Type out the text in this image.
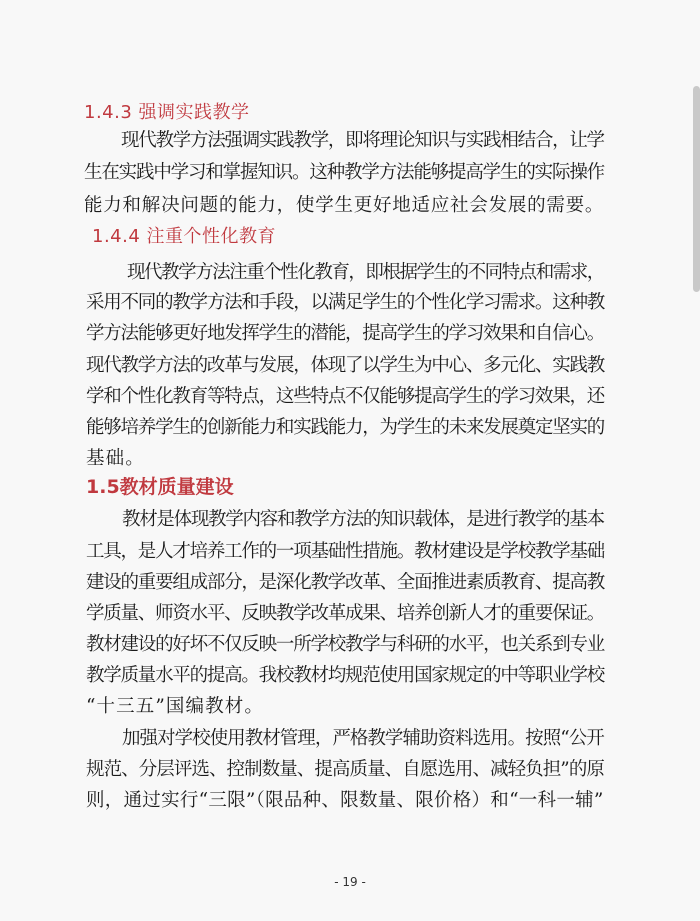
1.4.3 强调实践教学
现代教学方法强调实践教学，即将理论知识与实践相结合，让学
生在实践中学习和掌握知识。这种教学方法能够提高学生的实际操作
能力和解决问题的能力，使学生更好地适应社会发展的需要。
1.4.4 注重个性化教育
现代教学方法注重个性化教育，即根据学生的不同特点和需求，
采用不同的教学方法和手段，以满足学生的个性化学习需求。这种教
学方法能够更好地发挥学生的潜能，提高学生的学习效果和自信心。
现代教学方法的改革与发展，体现了以学生为中心、多元化、实践教
学和个性化教育等特点，这些特点不仅能够提高学生的学习效果，还
能够培养学生的创新能力和实践能力，为学生的未来发展奠定坚实的
基础。
1.5教材质量建设
教材是体现教学内容和教学方法的知识载体，是进行教学的基本
工具，是人才培养工作的一项基础性措施。教材建设是学校教学基础
建设的重要组成部分，是深化教学改革、全面推进素质教育、提高教
学质量、师资水平、反映教学改革成果、培养创新人才的重要保证。
教材建设的好坏不仅反映一所学校教学与科研的水平，也关系到专业
教学质量水平的提高。我校教材均规范使用国家规定的中等职业学校
“十三五”国编教材。
加强对学校使用教材管理，严格教学辅助资料选用。按照“公开
规范、分层评选、控制数量、提高质量、自愿选用、减轻负担”的原
则，通过实行“三限”（限品种、限数量、限价格）和“一科一辅”
- 19 -
